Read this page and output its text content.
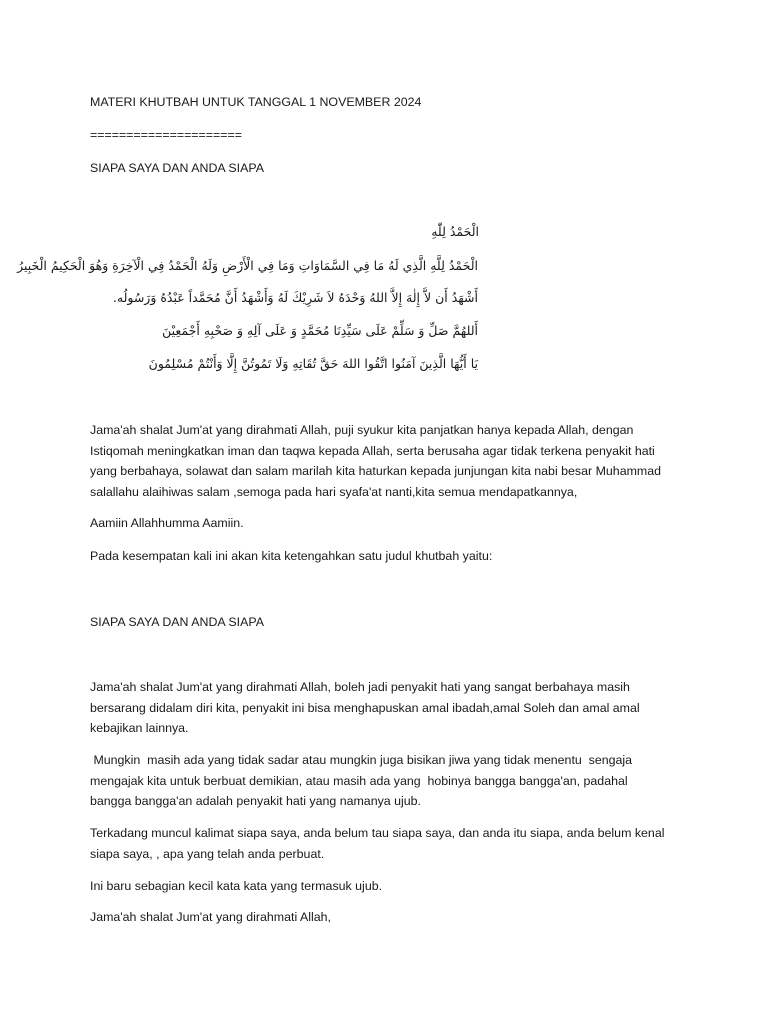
MATERI KHUTBAH UNTUK TANGGAL 1 NOVEMBER 2024

=====================

SIAPA SAYA DAN ANDA SIAPA

الْحَمْدُ لِلّٰهِ

الْحَمْدُ لِلَّهِ الَّذِي لَهُ مَا فِي السَّمَاوَاتِ وَمَا فِي الْأَرْضِ وَلَهُ الْحَمْدُ فِي الْآخِرَةِ وَهُوَ الْحَكِيمُ الْخَبِيرُ

أَشْهَدُ أَن لاَّ إِلٰهَ إِلاَّ اللهُ وَحْدَهُ لاَ شَرِيْكَ لَهُ وَأَشْهَدُ أَنَّ مُحَمَّداً عَبْدُهُ وَرَسُولُه.

أَللهُمَّ صَلِّ وَ سَلِّمْ عَلَى سَيِّدِنَا مُحَمَّدٍ وَ عَلَى آلِهِ وَ صَحْبِهِ أَجْمَعِيْنَ

يَا أَيُّهَا الَّذِينَ آمَنُوا اتَّقُوا اللهَ حَقَّ تُقَاتِهِ وَلَا تَمُوتُنَّ إِلَّا وَأَنْتُمْ مُسْلِمُونَ

Jama'ah shalat Jum'at yang dirahmati Allah, puji syukur kita panjatkan hanya kepada Allah, dengan
Istiqomah meningkatkan iman dan taqwa kepada Allah, serta berusaha agar tidak terkena penyakit hati
yang berbahaya, solawat dan salam marilah kita haturkan kepada junjungan kita nabi besar Muhammad
salallahu alaihiwas salam ,semoga pada hari syafa'at nanti,kita semua mendapatkannya,

Aamiin Allahhumma Aamiin.

Pada kesempatan kali ini akan kita ketengahkan satu judul khutbah yaitu:

SIAPA SAYA DAN ANDA SIAPA

Jama'ah shalat Jum'at yang dirahmati Allah, boleh jadi penyakit hati yang sangat berbahaya masih
bersarang didalam diri kita, penyakit ini bisa menghapuskan amal ibadah,amal Soleh dan amal amal
kebajikan lainnya.
Mungkin  masih ada yang tidak sadar atau mungkin juga bisikan jiwa yang tidak menentu  sengaja
mengajak kita untuk berbuat demikian, atau masih ada yang  hobinya bangga bangga'an, padahal
bangga bangga'an adalah penyakit hati yang namanya ujub.
Terkadang muncul kalimat siapa saya, anda belum tau siapa saya, dan anda itu siapa, anda belum kenal
siapa saya, , apa yang telah anda perbuat.

Ini baru sebagian kecil kata kata yang termasuk ujub.

Jama'ah shalat Jum'at yang dirahmati Allah,
